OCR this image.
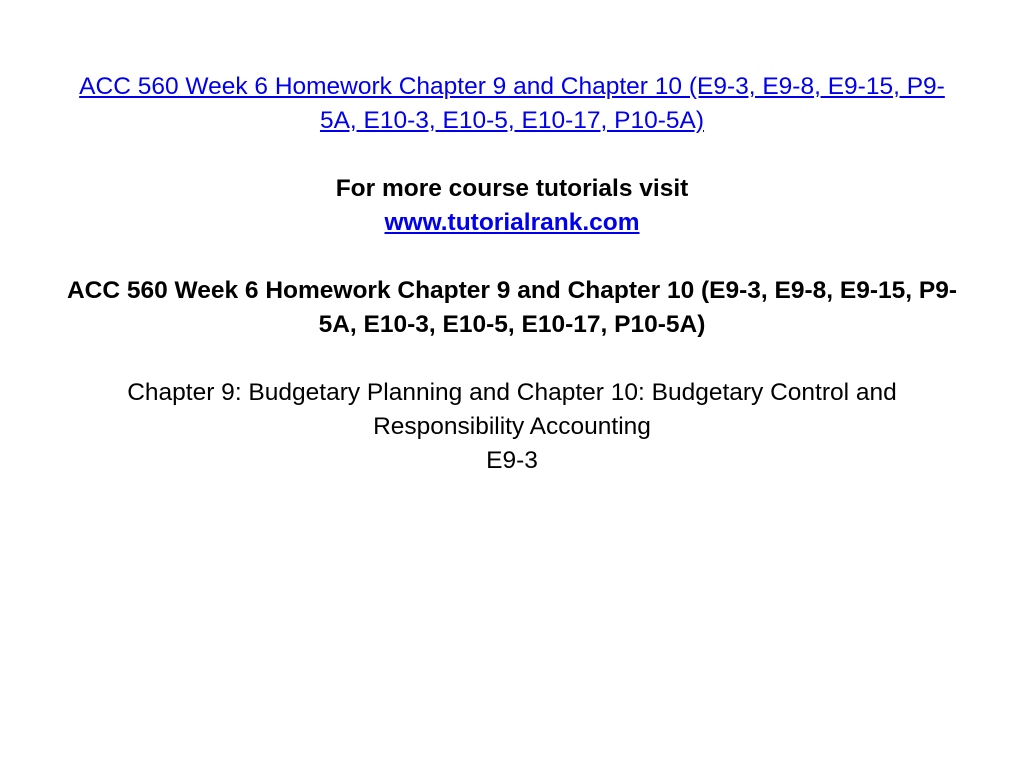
ACC 560 Week 6 Homework Chapter 9 and Chapter 10 (E9-3, E9-8, E9-15, P9-
5A, E10-3, E10-5, E10-17, P10-5A)
For more course tutorials visit
www.tutorialrank.com
ACC 560 Week 6 Homework Chapter 9 and Chapter 10 (E9-3, E9-8, E9-15, P9-
5A, E10-3, E10-5, E10-17, P10-5A)
Chapter 9: Budgetary Planning and Chapter 10: Budgetary Control and
Responsibility Accounting
E9-3
